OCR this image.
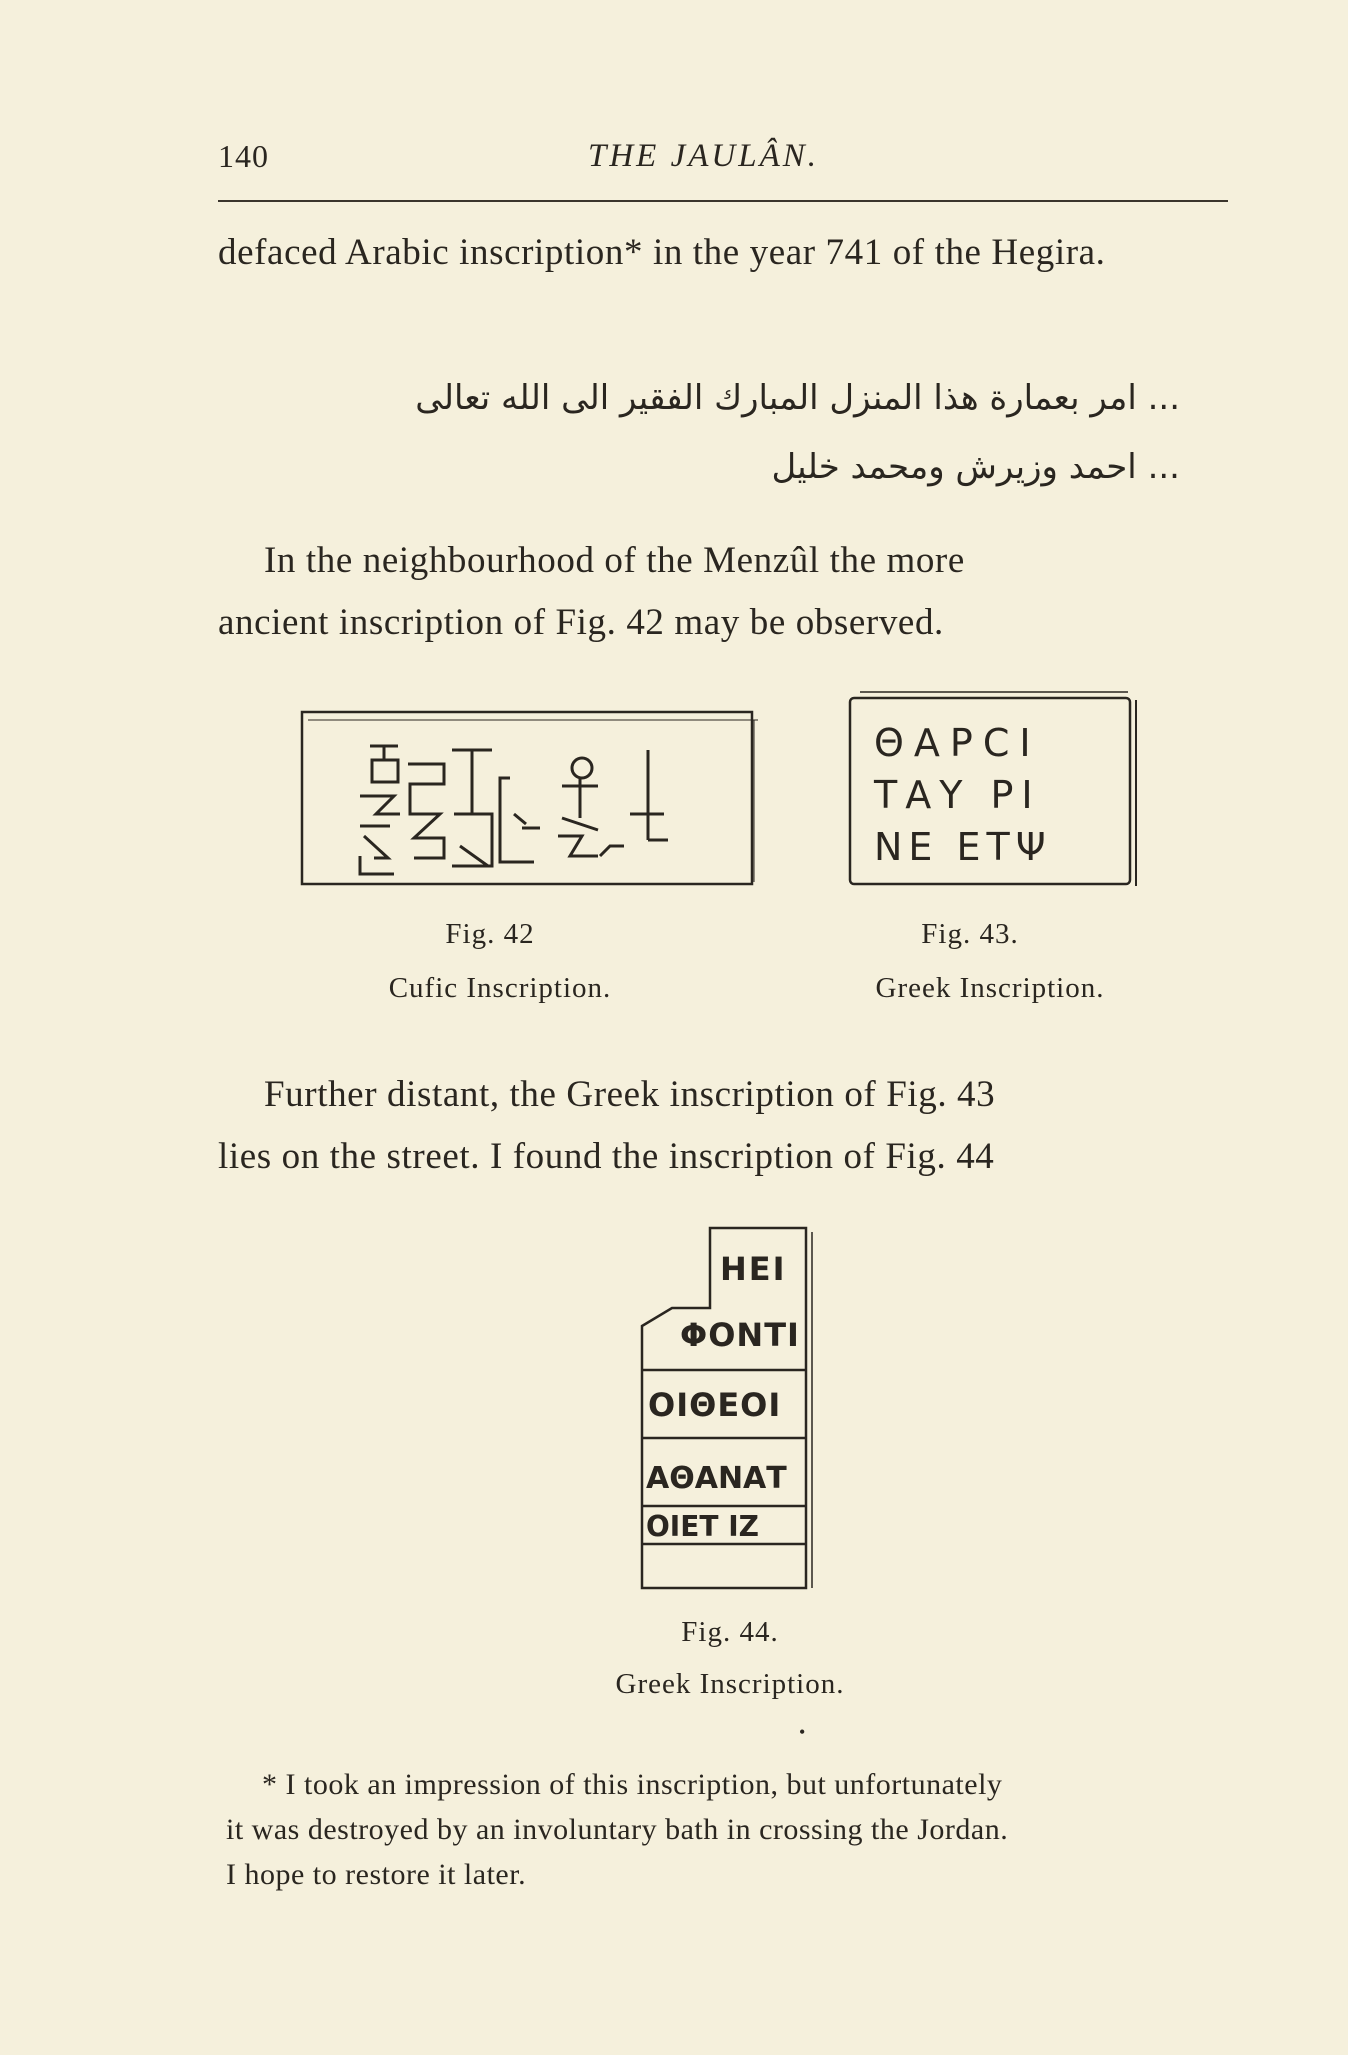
140	THE JAULÂN.
defaced Arabic inscription* in the year 741 of the Hegira.
... امر بعمارة هذا المنزل المبارك الفقير الى الله تعالى
... احمد وزيرش ومحمد خليل
In the neighbourhood of the Menzûl the more
ancient inscription of Fig. 42 may be observed.
Fig. 42
Cufic Inscription.
ΘΑΡCΙ
ΤΑΥ ΡΙ
ΝΕ ΕΤΨ
Fig. 43.
Greek Inscription.
Further distant, the Greek inscription of Fig. 43
lies on the street. I found the inscription of Fig. 44
ΗΕΙ
ΦΟΝΤΙ
ΟΙΘΕΟΙ
ΑΘΑΝΑΤ
ΟΙΕΤ ΙΖ
Fig. 44.
Greek Inscription.
•
* I took an impression of this inscription, but unfortunately
it was destroyed by an involuntary bath in crossing the Jordan.
I hope to restore it later.
